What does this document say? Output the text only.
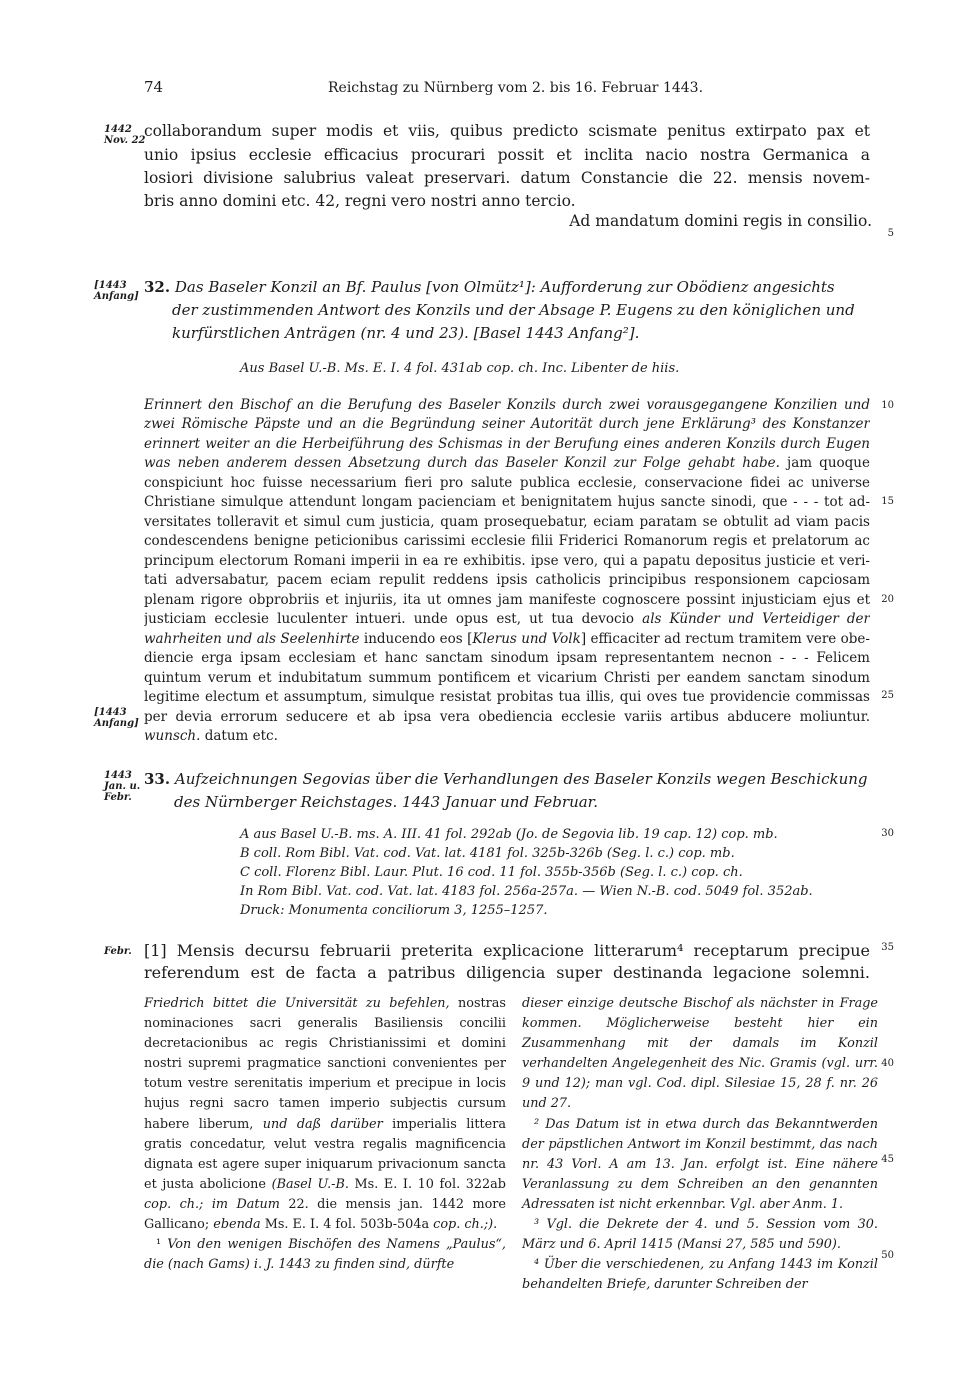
74	Reichstag zu Nürnberg vom 2. bis 16. Februar 1443.
1442
Nov. 22
collaborandum super modis et viis, quibus predicto scismate penitus extirpato pax et
unio ipsius ecclesie efficacius procurari possit et inclita nacio nostra Germanica a
losiori divisione salubrius valeat preservari. datum Constancie die 22. mensis novem-
bris anno domini etc. 42, regni vero nostri anno tercio.
Ad mandatum domini regis in consilio.
5
[1443
Anfang]
32. Das Baseler Konzil an Bf. Paulus [von Olmütz¹]: Aufforderung zur Obödienz angesichts
der zustimmenden Antwort des Konzils und der Absage P. Eugens zu den königlichen und
kurfürstlichen Anträgen (nr. 4 und 23). [Basel 1443 Anfang²].
Aus Basel U.-B. Ms. E. I. 4 fol. 431ab cop. ch. Inc. Libenter de hiis.
Erinnert den Bischof an die Berufung des Baseler Konzils durch zwei vorausgegangene Konzilien und 10
zwei Römische Päpste und an die Begründung seiner Autorität durch jene Erklärung³ des Konstanzer
erinnert weiter an die Herbeiführung des Schismas in der Berufung eines anderen Konzils durch Eugen
was neben anderem dessen Absetzung durch das Baseler Konzil zur Folge gehabt habe. jam quoque
conspiciunt hoc fuisse necessarium fieri pro salute publica ecclesie, conservacione fidei ac universe
Christiane simulque attendunt longam pacienciam et benignitatem hujus sancte sinodi, que - - - tot ad- 15
versitates tolleravit et simul cum justicia, quam prosequebatur, eciam paratam se obtulit ad viam pacis
condescendens benigne peticionibus carissimi ecclesie filii Friderici Romanorum regis et prelatorum ac
principum electorum Romani imperii in ea re exhibitis. ipse vero, qui a papatu depositus justicie et veri-
tati adversabatur, pacem eciam repulit reddens ipsis catholicis principibus responsionem capciosam
plenam rigore obprobriis et injuriis, ita ut omnes jam manifeste cognoscere possint injusticiam ejus et 20
justiciam ecclesie luculenter intueri. unde opus est, ut tua devocio als Künder und Verteidiger der
wahrheiten und als Seelenhirte inducendo eos [Klerus und Volk] efficaciter ad rectum tramitem vere obe-
diencie erga ipsam ecclesiam et hanc sanctam sinodum ipsam representantem necnon - - - Felicem
quintum verum et indubitatum summum pontificem et vicarium Christi per eandem sanctam sinodum
legitime electum et assumptum, simulque resistat probitas tua illis, qui oves tue providencie commissas 25
[1443
Anfang] per devia errorum seducere et ab ipsa vera obediencia ecclesie variis artibus abducere moliuntur.
wunsch. datum etc.
1443
Jan. u.
Febr.
33. Aufzeichnungen Segovias über die Verhandlungen des Baseler Konzils wegen Beschickung
des Nürnberger Reichstages. 1443 Januar und Februar.
A aus Basel U.-B. ms. A. III. 41 fol. 292ab (Jo. de Segovia lib. 19 cap. 12) cop. mb.	30
B coll. Rom Bibl. Vat. cod. Vat. lat. 4181 fol. 325b-326b (Seg. l. c.) cop. mb.
C coll. Florenz Bibl. Laur. Plut. 16 cod. 11 fol. 355b-356b (Seg. l. c.) cop. ch.
In Rom Bibl. Vat. cod. Vat. lat. 4183 fol. 256a-257a. — Wien N.-B. cod. 5049 fol. 352ab.
Druck: Monumenta conciliorum 3, 1255–1257.
Febr. [1] Mensis decursu februarii preterita explicacione litterarum⁴ receptarum precipue 35
referendum est de facta a patribus diligencia super destinanda legacione solemni.

Friedrich bittet die Universität zu befehlen, nostras nominaciones sacri generalis Basiliensis concilii decretacionibus ac regis Christianissimi et domini nostri supremi pragmatice sanctioni convenientes per totum vestre serenitatis imperium et precipue in locis hujus regni sacro tamen imperio subjectis cursum habere liberum, und daß darüber imperialis littera gratis concedatur, velut vestra regalis magnificencia dignata est agere super iniquarum privacionum sancta et justa abolicione (Basel U.-B. Ms. E. I. 10 fol. 322ab cop. ch.; im Datum 22. die mensis jan. 1442 more Gallicano; ebenda Ms. E. I. 4 fol. 503b-504a cop. ch.;).

¹ Von den wenigen Bischöfen des Namens „Paulus“, die (nach Gams) i. J. 1443 zu finden sind, dürfte

dieser einzige deutsche Bischof als nächster in Frage kommen. Möglicherweise besteht hier ein Zusammenhang mit der damals im Konzil verhandelten Angelegenheit des Nic. Gramis (vgl. urr. 9 und 12); man vgl. Cod. dipl. Silesiae 15, 28 f. nr. 26 und 27.

² Das Datum ist in etwa durch das Bekanntwerden der päpstlichen Antwort im Konzil bestimmt, das nach nr. 43 Vorl. A am 13. Jan. erfolgt ist. Eine nähere Veranlassung zu dem Schreiben an den genannten Adressaten ist nicht erkennbar. Vgl. aber Anm. 1.

³ Vgl. die Dekrete der 4. und 5. Session vom 30. März und 6. April 1415 (Mansi 27, 585 und 590).

⁴ Über die verschiedenen, zu Anfang 1443 im Konzil behandelten Briefe, darunter Schreiben der

40
45
50
